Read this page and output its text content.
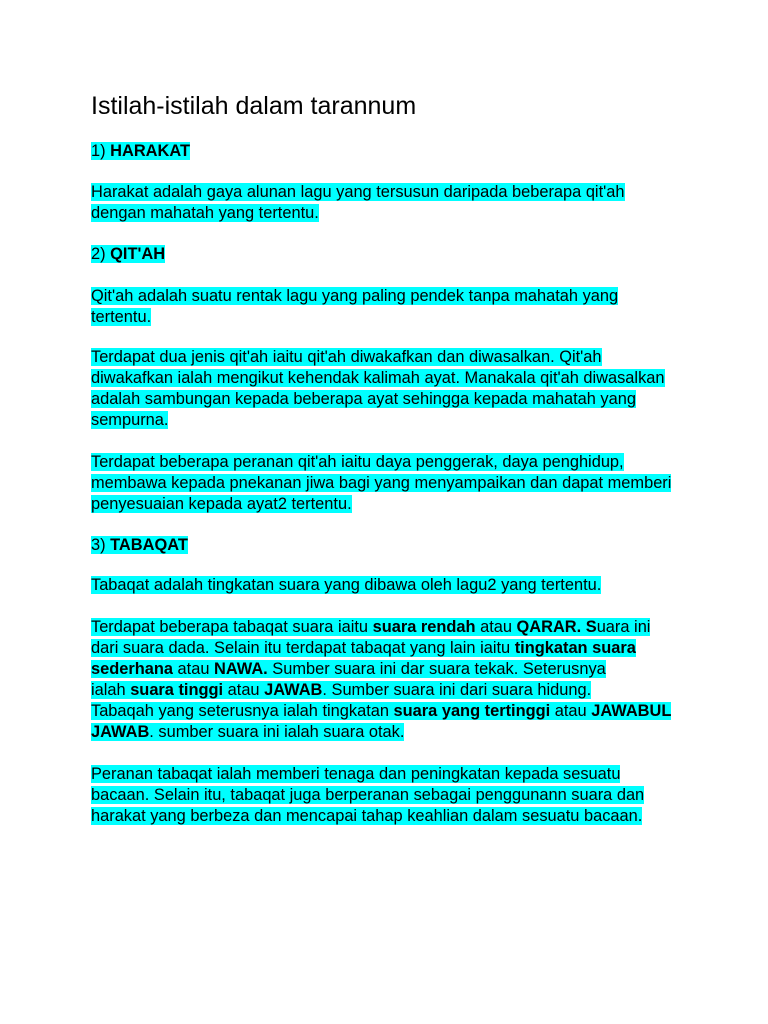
Istilah-istilah dalam tarannum
1) HARAKAT
Harakat adalah gaya alunan lagu yang tersusun daripada beberapa qit'ah
dengan mahatah yang tertentu.
2) QIT'AH
Qit'ah adalah suatu rentak lagu yang paling pendek tanpa mahatah yang
tertentu.
Terdapat dua jenis qit'ah iaitu qit'ah diwakafkan dan diwasalkan. Qit'ah
diwakafkan ialah mengikut kehendak kalimah ayat. Manakala qit'ah diwasalkan
adalah sambungan kepada beberapa ayat sehingga kepada mahatah yang
sempurna.
Terdapat beberapa peranan qit'ah iaitu daya penggerak, daya penghidup,
membawa kepada pnekanan jiwa bagi yang menyampaikan dan dapat memberi
penyesuaian kepada ayat2 tertentu.
3) TABAQAT
Tabaqat adalah tingkatan suara yang dibawa oleh lagu2 yang tertentu.
Terdapat beberapa tabaqat suara iaitu suara rendah atau QARAR. Suara ini
dari suara dada. Selain itu terdapat tabaqat yang lain iaitu tingkatan suara
sederhana atau NAWA. Sumber suara ini dar suara tekak. Seterusnya
ialah suara tinggi atau JAWAB. Sumber suara ini dari suara hidung.
Tabaqah yang seterusnya ialah tingkatan suara yang tertinggi atau JAWABUL
JAWAB. sumber suara ini ialah suara otak.
Peranan tabaqat ialah memberi tenaga dan peningkatan kepada sesuatu
bacaan. Selain itu, tabaqat juga berperanan sebagai penggunann suara dan
harakat yang berbeza dan mencapai tahap keahlian dalam sesuatu bacaan.
